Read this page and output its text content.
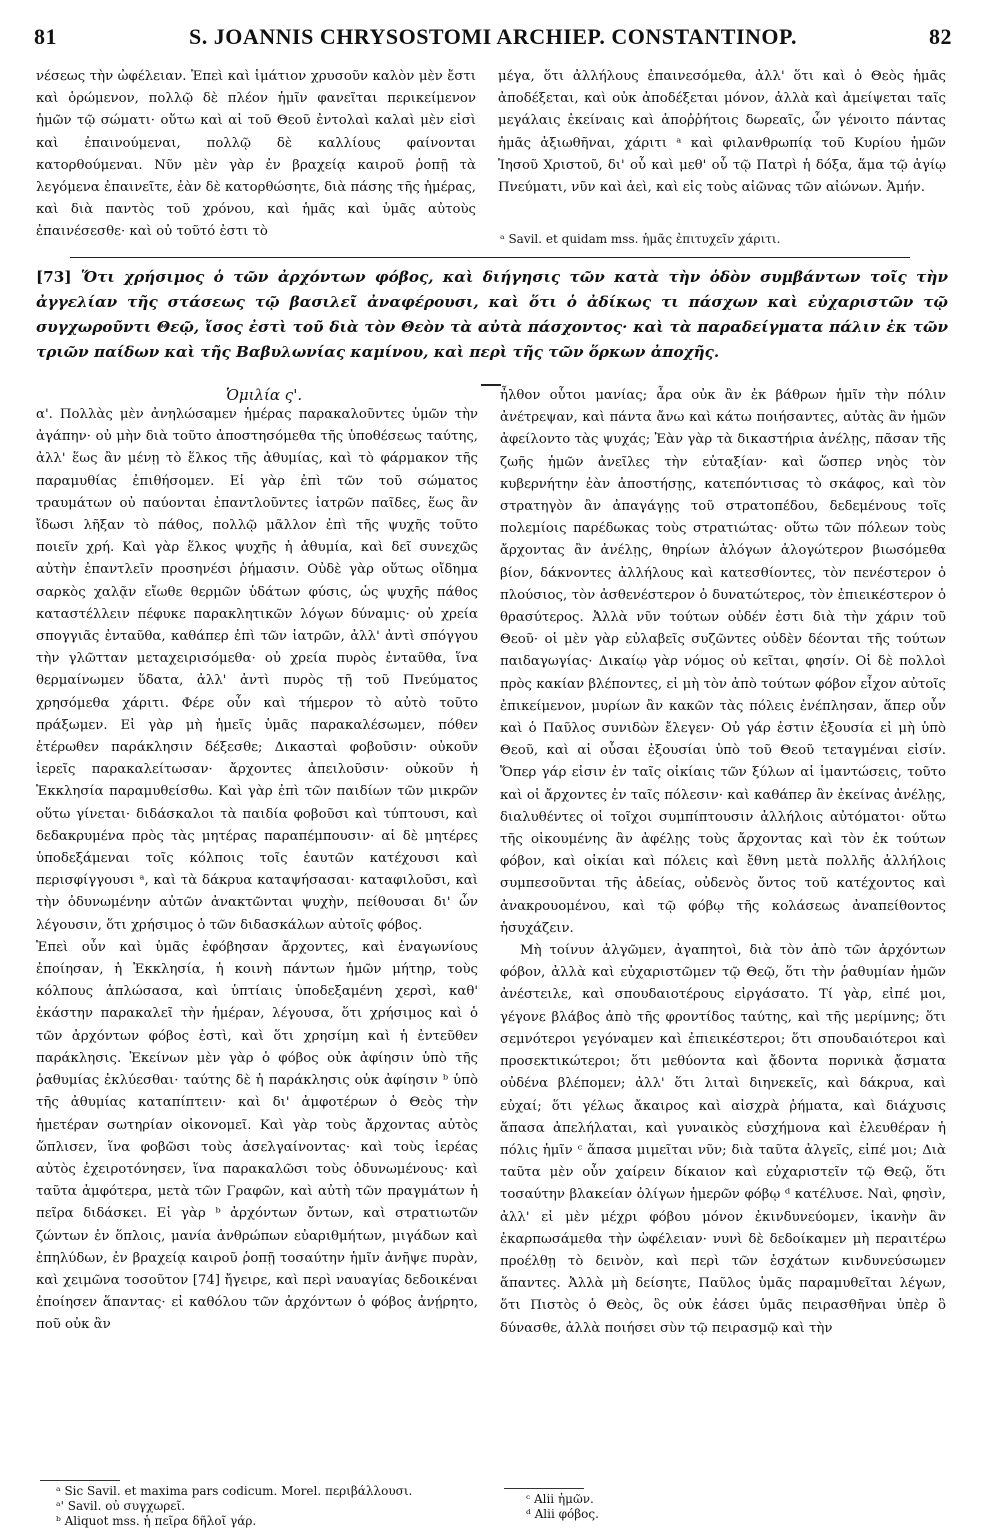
81	S. JOANNIS CHRYSOSTOMI ARCHIEP. CONSTANTINOP.	82

νέσεως τὴν ὠφέλειαν. Ἐπεὶ καὶ ἱμάτιον χρυσοῦν καλὸν μὲν ἔστι καὶ ὁρώμενον, πολλῷ δὲ πλέον ἡμῖν φανεῖται περικείμενον ἡμῶν τῷ σώματι· οὕτω καὶ αἱ τοῦ Θεοῦ ἐντολαὶ καλαὶ μὲν εἰσὶ καὶ ἐπαινούμεναι, πολλῷ δὲ καλλίους φαίνονται κατορθούμεναι. Νῦν μὲν γὰρ ἐν βραχείᾳ καιροῦ ῥοπῇ τὰ λεγόμενα ἐπαινεῖτε, ἐὰν δὲ κατορθώσητε, διὰ πάσης τῆς ἡμέρας, καὶ διὰ παντὸς τοῦ χρόνου, καὶ ἡμᾶς καὶ ὑμᾶς αὐτοὺς ἐπαινέσεσθε· καὶ οὐ τοῦτό ἐστι τὸ

μέγα, ὅτι ἀλλήλους ἐπαινεσόμεθα, ἀλλ' ὅτι καὶ ὁ Θεὸς ἡμᾶς ἀποδέξεται, καὶ οὐκ ἀποδέξεται μόνον, ἀλλὰ καὶ ἀμείψεται ταῖς μεγάλαις ἐκείναις καὶ ἀποῤῥήτοις δωρεαῖς, ὧν γένοιτο πάντας ἡμᾶς ἀξιωθῆναι, χάριτι ᵃ καὶ φιλανθρωπίᾳ τοῦ Κυρίου ἡμῶν Ἰησοῦ Χριστοῦ, δι' οὗ καὶ μεθ' οὗ τῷ Πατρὶ ἡ δόξα, ἅμα τῷ ἁγίῳ Πνεύματι, νῦν καὶ ἀεὶ, καὶ εἰς τοὺς αἰῶνας τῶν αἰώνων. Ἀμήν.

ᵃ Savil. et quidam mss. ἡμᾶς ἐπιτυχεῖν χάριτι.
[73] Ὅτι χρήσιμος ὁ τῶν ἀρχόντων φόβος, καὶ διήγησις τῶν κατὰ τὴν ὁδὸν συμβάντων τοῖς τὴν ἀγγελίαν τῆς στάσεως τῷ βασιλεῖ ἀναφέρουσι, καὶ ὅτι ὁ ἀδίκως τι πάσχων καὶ εὐχαριστῶν τῷ συγχωροῦντι Θεῷ, ἴσος ἐστὶ τοῦ διὰ τὸν Θεὸν τὰ αὐτὰ πάσχοντος· καὶ τὰ παραδείγματα πάλιν ἐκ τῶν τριῶν παίδων καὶ τῆς Βαβυλωνίας καμίνου, καὶ περὶ τῆς τῶν ὅρκων ἀποχῆς.
Ὁμιλία ς'.

α'. Πολλὰς μὲν ἀνηλώσαμεν ἡμέρας παρακαλοῦντες ὑμῶν τὴν ἀγάπην· οὐ μὴν διὰ τοῦτο ἀποστησόμεθα τῆς ὑποθέσεως ταύτης, ἀλλ' ἕως ἂν μένῃ τὸ ἕλκος τῆς ἀθυμίας, καὶ τὸ φάρμακον τῆς παραμυθίας ἐπιθήσομεν. Εἰ γὰρ ἐπὶ τῶν τοῦ σώματος τραυμάτων οὐ παύονται ἐπαντλοῦντες ἰατρῶν παῖδες, ἕως ἂν ἴδωσι λῆξαν τὸ πάθος, πολλῷ μᾶλλον ἐπὶ τῆς ψυχῆς τοῦτο ποιεῖν χρή. Καὶ γὰρ ἕλκος ψυχῆς ἡ ἀθυμία, καὶ δεῖ συνεχῶς αὐτὴν ἐπαντλεῖν προσηνέσι ῥήμασιν. Οὐδὲ γὰρ οὕτως οἴδημα σαρκὸς χαλᾷν εἴωθε θερμῶν ὑδάτων φύσις, ὡς ψυχῆς πάθος καταστέλλειν πέφυκε παρακλητικῶν λόγων δύναμις· οὐ χρεία σπογγιᾶς ἐνταῦθα, καθάπερ ἐπὶ τῶν ἰατρῶν, ἀλλ' ἀντὶ σπόγγου τὴν γλῶτταν μεταχειρισόμεθα· οὐ χρεία πυρὸς ἐνταῦθα, ἵνα θερμαίνωμεν ὕδατα, ἀλλ' ἀντὶ πυρὸς τῇ τοῦ Πνεύματος χρησόμεθα χάριτι. Φέρε οὖν καὶ τήμερον τὸ αὐτὸ τοῦτο πράξωμεν. Εἰ γὰρ μὴ ἡμεῖς ὑμᾶς παρακαλέσωμεν, πόθεν ἑτέρωθεν παράκλησιν δέξεσθε; Δικασταὶ φοβοῦσιν· οὐκοῦν ἱερεῖς παρακαλείτωσαν· ἄρχοντες ἀπειλοῦσιν· οὐκοῦν ἡ Ἐκκλησία παραμυθείσθω. Καὶ γὰρ ἐπὶ τῶν παιδίων τῶν μικρῶν οὕτω γίνεται· διδάσκαλοι τὰ παιδία φοβοῦσι καὶ τύπτουσι, καὶ δεδακρυμένα πρὸς τὰς μητέρας παραπέμπουσιν· αἱ δὲ μητέρες ὑποδεξάμεναι τοῖς κόλποις τοῖς ἑαυτῶν κατέχουσι καὶ περισφίγγουσι ᵃ, καὶ τὰ δάκρυα καταψήσασαι· καταφιλοῦσι, καὶ τὴν ὀδυνωμένην αὐτῶν ἀνακτῶνται ψυχὴν, πείθουσαι δι' ὧν λέγουσιν, ὅτι χρήσιμος ὁ τῶν διδασκάλων αὐτοῖς φόβος.

Ἐπεὶ οὖν καὶ ὑμᾶς ἐφόβησαν ἄρχοντες, καὶ ἐναγωνίους ἐποίησαν, ἡ Ἐκκλησία, ἡ κοινὴ πάντων ἡμῶν μήτηρ, τοὺς κόλπους ἁπλώσασα, καὶ ὑπτίαις ὑποδεξαμένη χερσὶ, καθ' ἑκάστην παρακαλεῖ τὴν ἡμέραν, λέγουσα, ὅτι χρήσιμος καὶ ὁ τῶν ἀρχόντων φόβος ἐστὶ, καὶ ὅτι χρησίμη καὶ ἡ ἐντεῦθεν παράκλησις. Ἐκείνων μὲν γὰρ ὁ φόβος οὐκ ἀφίησιν ὑπὸ τῆς ῥαθυμίας ἐκλύεσθαι· ταύτης δὲ ἡ παράκλησις οὐκ ἀφίησιν ᵇ ὑπὸ τῆς ἀθυμίας καταπίπτειν· καὶ δι' ἀμφοτέρων ὁ Θεὸς τὴν ἡμετέραν σωτηρίαν οἰκονομεῖ. Καὶ γὰρ τοὺς ἄρχοντας αὐτὸς ὥπλισεν, ἵνα φοβῶσι τοὺς ἀσελγαίνοντας· καὶ τοὺς ἱερέας αὐτὸς ἐχειροτόνησεν, ἵνα παρακαλῶσι τοὺς ὀδυνωμένους· καὶ ταῦτα ἀμφότερα, μετὰ τῶν Γραφῶν, καὶ αὐτὴ τῶν πραγμάτων ἡ πεῖρα διδάσκει. Εἰ γὰρ ᵇ ἀρχόντων ὄντων, καὶ στρατιωτῶν ζώντων ἐν ὅπλοις, μανία ἀνθρώπων εὐαριθμήτων, μιγάδων καὶ ἐπηλύδων, ἐν βραχείᾳ καιροῦ ῥοπῇ τοσαύτην ἡμῖν ἀνῆψε πυρὰν, καὶ χειμῶνα τοσοῦτον [74] ἤγειρε, καὶ περὶ ναυαγίας δεδοικέναι ἐποίησεν ἅπαντας· εἰ καθόλου τῶν ἀρχόντων ὁ φόβος ἀνῄρητο, ποῦ οὐκ ἂν

ἦλθον οὗτοι μανίας; ἆρα οὐκ ἂν ἐκ βάθρων ἡμῖν τὴν πόλιν ἀνέτρεψαν, καὶ πάντα ἄνω καὶ κάτω ποιήσαντες, αὐτὰς ἂν ἡμῶν ἀφείλοντο τὰς ψυχάς; Ἐὰν γὰρ τὰ δικαστήρια ἀνέλῃς, πᾶσαν τῆς ζωῆς ἡμῶν ἀνεῖλες τὴν εὐταξίαν· καὶ ὥσπερ νηὸς τὸν κυβερνήτην ἐὰν ἀποστήσῃς, κατεπόντισας τὸ σκάφος, καὶ τὸν στρατηγὸν ἂν ἀπαγάγῃς τοῦ στρατοπέδου, δεδεμένους τοῖς πολεμίοις παρέδωκας τοὺς στρατιώτας· οὕτω τῶν πόλεων τοὺς ἄρχοντας ἂν ἀνέλῃς, θηρίων ἀλόγων ἀλογώτερον βιωσόμεθα βίον, δάκνοντες ἀλλήλους καὶ κατεσθίοντες, τὸν πενέστερον ὁ πλούσιος, τὸν ἀσθενέστερον ὁ δυνατώτερος, τὸν ἐπιεικέστερον ὁ θρασύτερος. Ἀλλὰ νῦν τούτων οὐδέν ἐστι διὰ τὴν χάριν τοῦ Θεοῦ· οἱ μὲν γὰρ εὐλαβεῖς συζῶντες οὐδὲν δέονται τῆς τούτων παιδαγωγίας· Δικαίῳ γὰρ νόμος οὐ κεῖται, φησίν. Οἱ δὲ πολλοὶ πρὸς κακίαν βλέποντες, εἰ μὴ τὸν ἀπὸ τούτων φόβον εἶχον αὐτοῖς ἐπικείμενον, μυρίων ἂν κακῶν τὰς πόλεις ἐνέπλησαν, ἅπερ οὖν καὶ ὁ Παῦλος συνιδὼν ἔλεγεν· Οὐ γάρ ἐστιν ἐξουσία εἰ μὴ ὑπὸ Θεοῦ, καὶ αἱ οὖσαι ἐξουσίαι ὑπὸ τοῦ Θεοῦ τεταγμέναι εἰσίν. Ὅπερ γάρ εἰσιν ἐν ταῖς οἰκίαις τῶν ξύλων αἱ ἱμαντώσεις, τοῦτο καὶ οἱ ἄρχοντες ἐν ταῖς πόλεσιν· καὶ καθάπερ ἂν ἐκείνας ἀνέλῃς, διαλυθέντες οἱ τοῖχοι συμπίπτουσιν ἀλλήλοις αὐτόματοι· οὕτω τῆς οἰκουμένης ἂν ἀφέλῃς τοὺς ἄρχοντας καὶ τὸν ἐκ τούτων φόβον, καὶ οἰκίαι καὶ πόλεις καὶ ἔθνη μετὰ πολλῆς ἀλλήλοις συμπεσοῦνται τῆς ἀδείας, οὐδενὸς ὄντος τοῦ κατέχοντος καὶ ἀνακρουομένου, καὶ τῷ φόβῳ τῆς κολάσεως ἀναπείθοντος ἡσυχάζειν.

Μὴ τοίνυν ἀλγῶμεν, ἀγαπητοὶ, διὰ τὸν ἀπὸ τῶν ἀρχόντων φόβον, ἀλλὰ καὶ εὐχαριστῶμεν τῷ Θεῷ, ὅτι τὴν ῥαθυμίαν ἡμῶν ἀνέστειλε, καὶ σπουδαιοτέρους εἰργάσατο. Τί γὰρ, εἰπέ μοι, γέγονε βλάβος ἀπὸ τῆς φροντίδος ταύτης, καὶ τῆς μερίμνης; ὅτι σεμνότεροι γεγόναμεν καὶ ἐπιεικέστεροι; ὅτι σπουδαιότεροι καὶ προσεκτικώτεροι; ὅτι μεθύοντα καὶ ᾄδοντα πορνικὰ ᾄσματα οὐδένα βλέπομεν; ἀλλ' ὅτι λιταὶ διηνεκεῖς, καὶ δάκρυα, καὶ εὐχαί; ὅτι γέλως ἄκαιρος καὶ αἰσχρὰ ῥήματα, καὶ διάχυσις ἅπασα ἀπελήλαται, καὶ γυναικὸς εὐσχήμονα καὶ ἐλευθέραν ἡ πόλις ἡμῖν ᶜ ἅπασα μιμεῖται νῦν; διὰ ταῦτα ἀλγεῖς, εἰπέ μοι; Διὰ ταῦτα μὲν οὖν χαίρειν δίκαιον καὶ εὐχαριστεῖν τῷ Θεῷ, ὅτι τοσαύτην βλακείαν ὀλίγων ἡμερῶν φόβῳ ᵈ κατέλυσε. Ναὶ, φησὶν, ἀλλ' εἰ μὲν μέχρι φόβου μόνον ἐκινδυνεύομεν, ἱκανὴν ἂν ἐκαρπωσάμεθα τὴν ὠφέλειαν· νυνὶ δὲ δεδοίκαμεν μὴ περαιτέρω προέλθῃ τὸ δεινὸν, καὶ περὶ τῶν ἐσχάτων κινδυνεύσωμεν ἅπαντες. Ἀλλὰ μὴ δείσητε, Παῦλος ὑμᾶς παραμυθεῖται λέγων, ὅτι Πιστὸς ὁ Θεὸς, ὃς οὐκ ἐάσει ὑμᾶς πειρασθῆναι ὑπὲρ ὃ δύνασθε, ἀλλὰ ποιήσει σὺν τῷ πειρασμῷ καὶ τὴν

ᵃ Sic Savil. et maxima pars codicum. Morel. περιβάλλουσι.
ᵃ' Savil. οὐ συγχωρεῖ.
ᵇ Aliquot mss. ἡ πεῖρα δῆλοῖ γάρ.
ᶜ Alii ἡμῶν.
ᵈ Alii φόβος.
